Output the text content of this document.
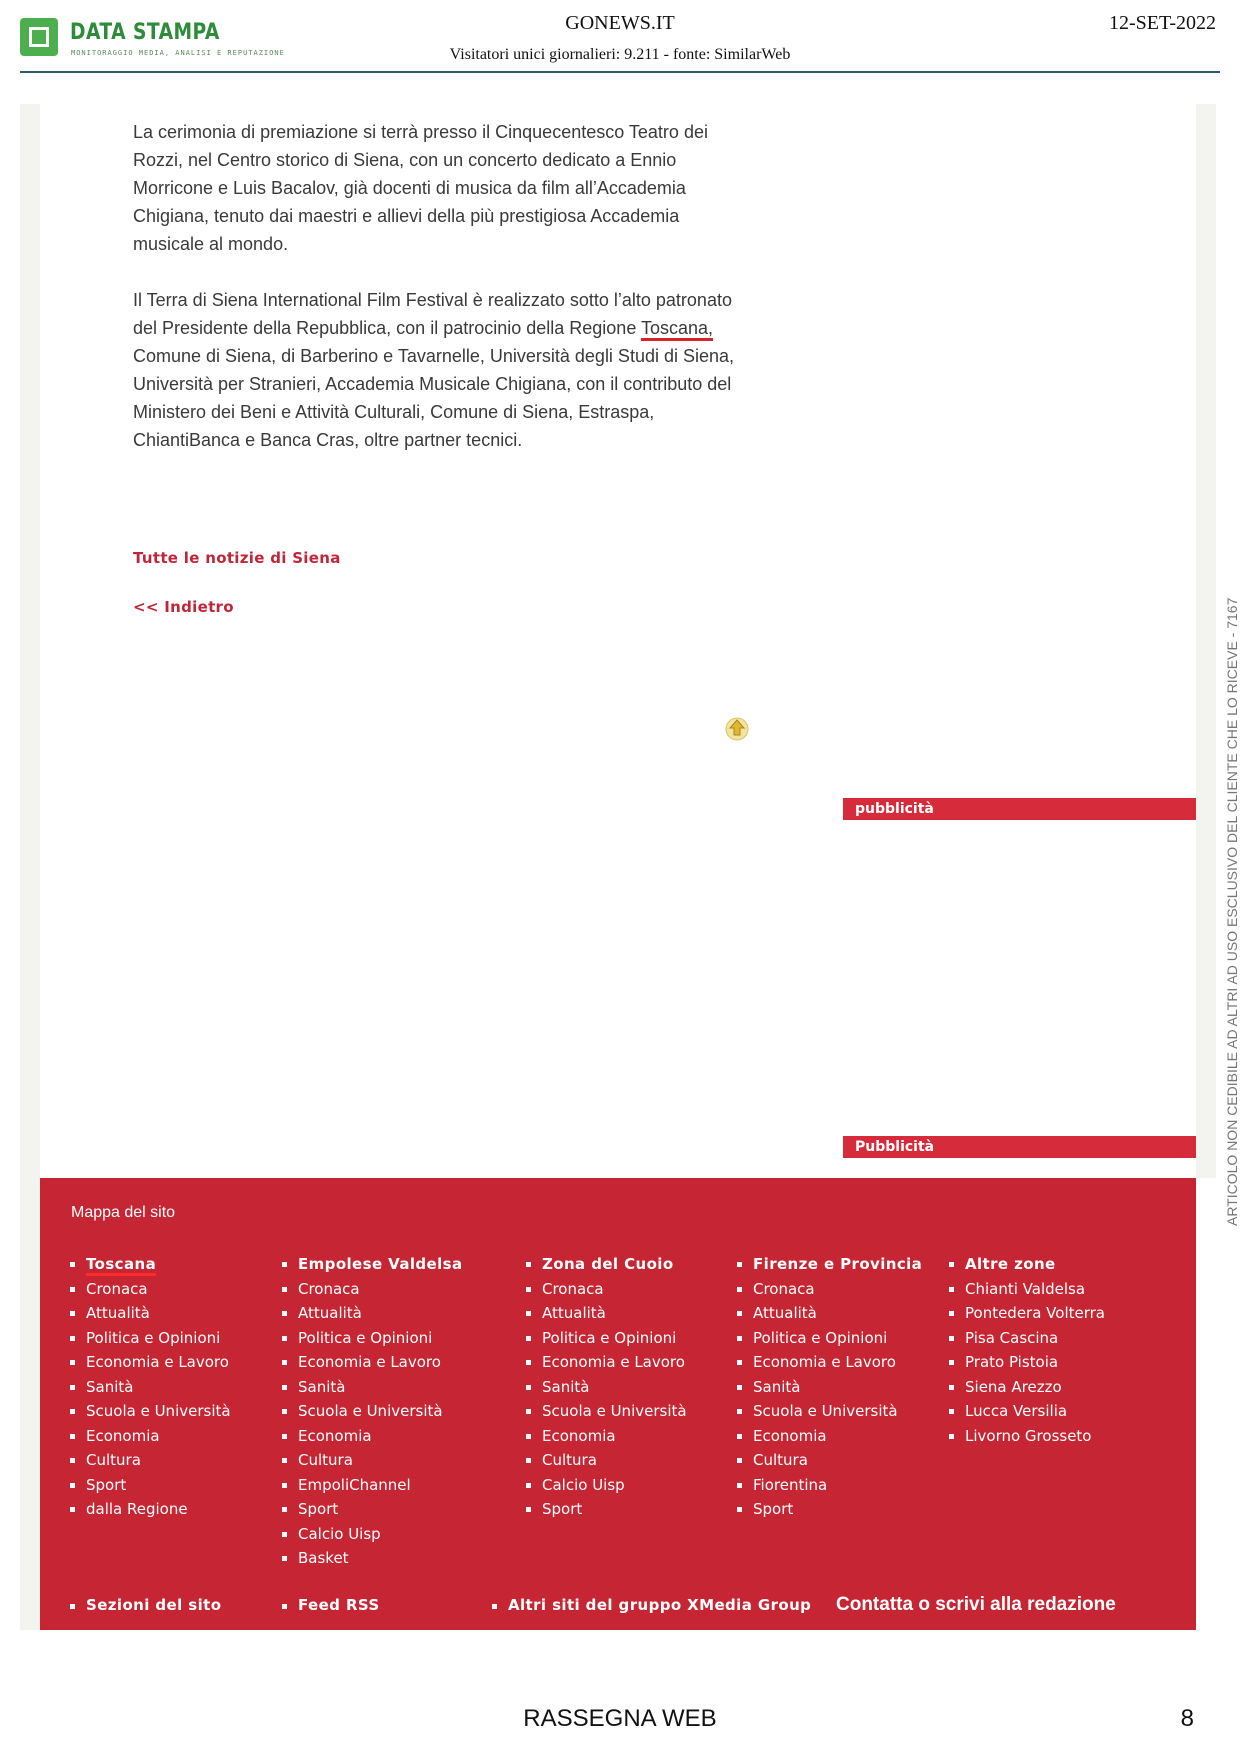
DATA STAMPA
MONITORAGGIO MEDIA, ANALISI E REPUTAZIONE
GONEWS.IT
Visitatori unici giornalieri: 9.211 - fonte: SimilarWeb
12-SET-2022

La cerimonia di premiazione si terrà presso il Cinquecentesco Teatro dei Rozzi, nel Centro storico di Siena, con un concerto dedicato a Ennio Morricone e Luis Bacalov, già docenti di musica da film all’Accademia Chigiana, tenuto dai maestri e allievi della più prestigiosa Accademia musicale al mondo.

Il Terra di Siena International Film Festival è realizzato sotto l’alto patronato del Presidente della Repubblica, con il patrocinio della Regione Toscana, Comune di Siena, di Barberino e Tavarnelle, Università degli Studi di Siena, Università per Stranieri, Accademia Musicale Chigiana, con il contributo del Ministero dei Beni e Attività Culturali, Comune di Siena, Estraspa, ChiantiBanca e Banca Cras, oltre partner tecnici.

Tutte le notizie di Siena
<< Indietro
pubblicità
Pubblicità	ARTICOLO NON CEDIBILE AD ALTRI AD USO ESCLUSIVO DEL CLIENTE CHE LO RICEVE - 7167
Mappa del sito
Toscana
Cronaca
Attualità
Politica e Opinioni
Economia e Lavoro
Sanità
Scuola e Università
Economia
Cultura
Sport
dalla Regione
Empolese Valdelsa
Cronaca
Attualità
Politica e Opinioni
Economia e Lavoro
Sanità
Scuola e Università
Economia
Cultura
EmpoliChannel
Sport
Calcio Uisp
Basket
Zona del Cuoio
Cronaca
Attualità
Politica e Opinioni
Economia e Lavoro
Sanità
Scuola e Università
Economia
Cultura
Calcio Uisp
Sport
Firenze e Provincia
Cronaca
Attualità
Politica e Opinioni
Economia e Lavoro
Sanità
Scuola e Università
Economia
Cultura
Fiorentina
Sport
Altre zone
Chianti Valdelsa
Pontedera Volterra
Pisa Cascina
Prato Pistoia
Siena Arezzo
Lucca Versilia
Livorno Grosseto
Sezioni del sito	Feed RSS	Altri siti del gruppo XMedia Group Contatta o scrivi alla redazione
RASSEGNA WEB	8
